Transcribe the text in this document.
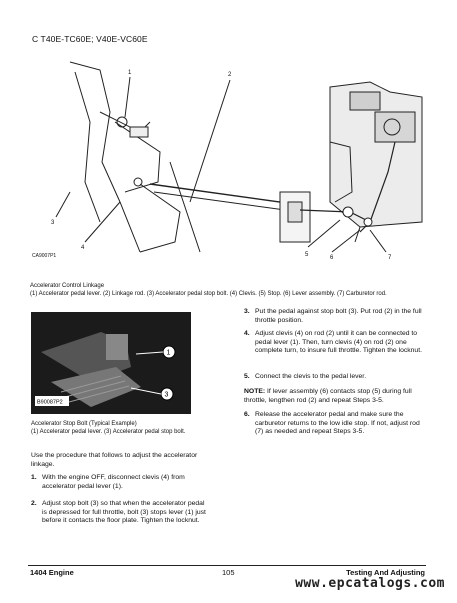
C T40E-TC60E; V40E-VC60E
1	2
3
4
5	6	7
CA9007P1
Accelerator Control Linkage
(1) Accelerator pedal lever. (2) Linkage rod. (3) Accelerator pedal stop bolt. (4) Clevis. (5) Stop. (6) Lever assembly. (7) Carburetor rod.
1
3
B90087P2
Accelerator Stop Bolt (Typical Example)
(1) Accelerator pedal lever. (3) Accelerator pedal stop bolt.
Use the procedure that follows to adjust the accelerator linkage.
1. With the engine OFF, disconnect clevis (4) from accelerator pedal lever (1).
2. Adjust stop bolt (3) so that when the accelerator pedal is depressed for full throttle, bolt (3) stops lever (1) just before it contacts the floor plate. Tighten the locknut.
3. Put the pedal against stop bolt (3). Put rod (2) in the full throttle position.
4. Adjust clevis (4) on rod (2) until it can be connected to pedal lever (1). Then, turn clevis (4) on rod (2) one complete turn, to insure full throttle. Tighten the locknut.
5. Connect the clevis to the pedal lever.
NOTE: If lever assembly (6) contacts stop (5) during full throttle, lengthen rod (2) and repeat Steps 3-5.
6. Release the accelerator pedal and make sure the carburetor returns to the low idle stop. If not, adjust rod (7) as needed and repeat Steps 3-5.
1404 Engine	105	Testing And Adjusting
www.epcatalogs.com
